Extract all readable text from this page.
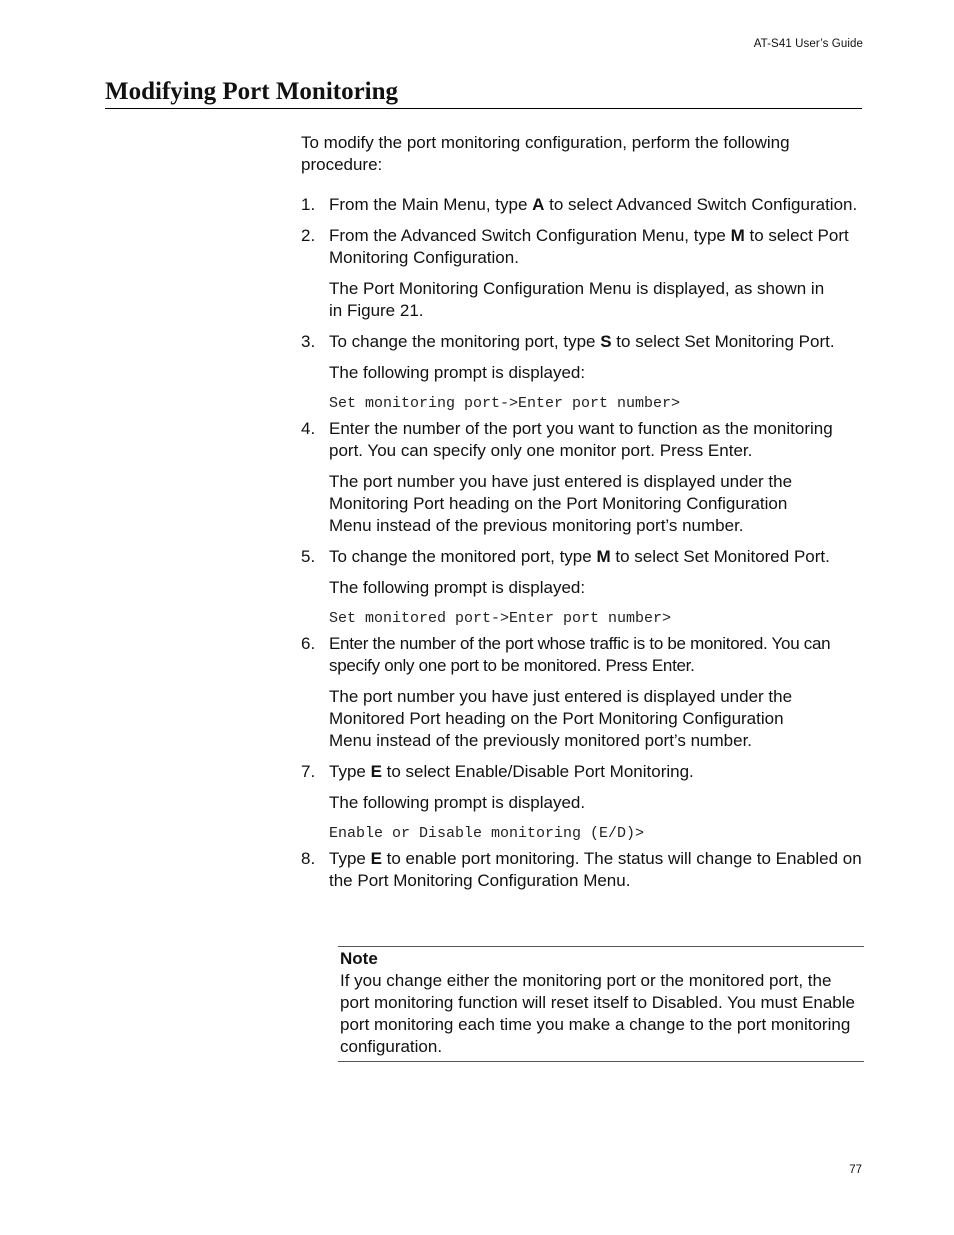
AT-S41 User’s Guide
Modifying Port Monitoring

To modify the port monitoring configuration, perform the following procedure:

1. From the Main Menu, type A to select Advanced Switch Configuration.

2. From the Advanced Switch Configuration Menu, type M to select Port Monitoring Configuration.

The Port Monitoring Configuration Menu is displayed, as shown in in Figure 21.

3. To change the monitoring port, type S to select Set Monitoring Port.

The following prompt is displayed:

Set monitoring port->Enter port number>
4. Enter the number of the port you want to function as the monitoring port. You can specify only one monitor port. Press Enter.

The port number you have just entered is displayed under the Monitoring Port heading on the Port Monitoring Configuration Menu instead of the previous monitoring port’s number.

5. To change the monitored port, type M to select Set Monitored Port.

The following prompt is displayed:

Set monitored port->Enter port number>
6. Enter the number of the port whose traffic is to be monitored. You can specify only one port to be monitored. Press Enter.

The port number you have just entered is displayed under the Monitored Port heading on the Port Monitoring Configuration Menu instead of the previously monitored port’s number.

7. Type E to select Enable/Disable Port Monitoring.

The following prompt is displayed.

Enable or Disable monitoring (E/D)>
8. Type E to enable port monitoring. The status will change to Enabled on the Port Monitoring Configuration Menu.

Note
If you change either the monitoring port or the monitored port, the port monitoring function will reset itself to Disabled. You must Enable port monitoring each time you make a change to the port monitoring configuration.
77
